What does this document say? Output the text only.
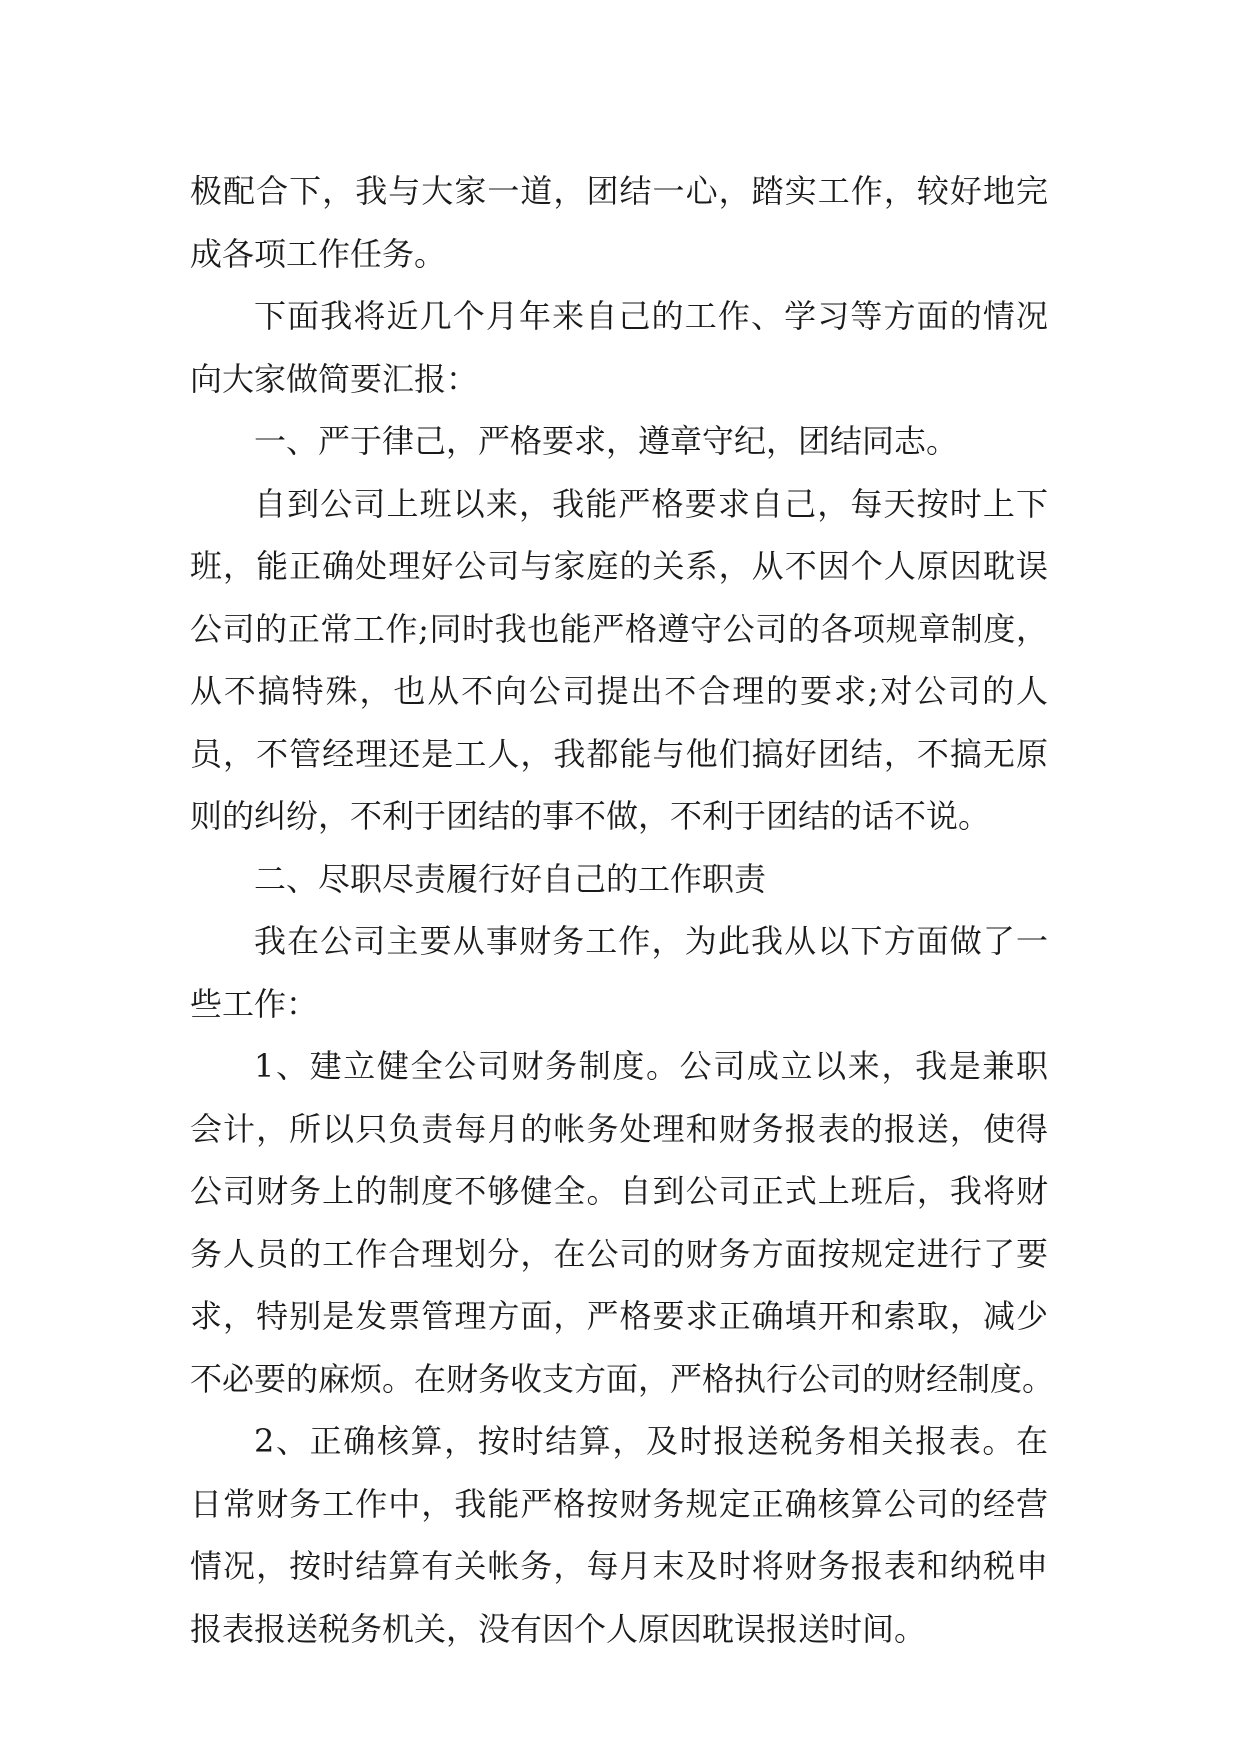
极配合下，我与大家一道，团结一心，踏实工作，较好地完
成各项工作任务。
下面我将近几个月年来自己的工作、学习等方面的情况
向大家做简要汇报：
一、严于律己，严格要求，遵章守纪，团结同志。
自到公司上班以来，我能严格要求自己，每天按时上下
班，能正确处理好公司与家庭的关系，从不因个人原因耽误
公司的正常工作;同时我也能严格遵守公司的各项规章制度，
从不搞特殊，也从不向公司提出不合理的要求;对公司的人
员，不管经理还是工人，我都能与他们搞好团结，不搞无原
则的纠纷，不利于团结的事不做，不利于团结的话不说。
二、尽职尽责履行好自己的工作职责
我在公司主要从事财务工作，为此我从以下方面做了一
些工作：
1、建立健全公司财务制度。公司成立以来，我是兼职
会计，所以只负责每月的帐务处理和财务报表的报送，使得
公司财务上的制度不够健全。自到公司正式上班后，我将财
务人员的工作合理划分，在公司的财务方面按规定进行了要
求，特别是发票管理方面，严格要求正确填开和索取，减少
不必要的麻烦。在财务收支方面，严格执行公司的财经制度。
2、正确核算，按时结算，及时报送税务相关报表。在
日常财务工作中，我能严格按财务规定正确核算公司的经营
情况，按时结算有关帐务，每月末及时将财务报表和纳税申
报表报送税务机关，没有因个人原因耽误报送时间。
